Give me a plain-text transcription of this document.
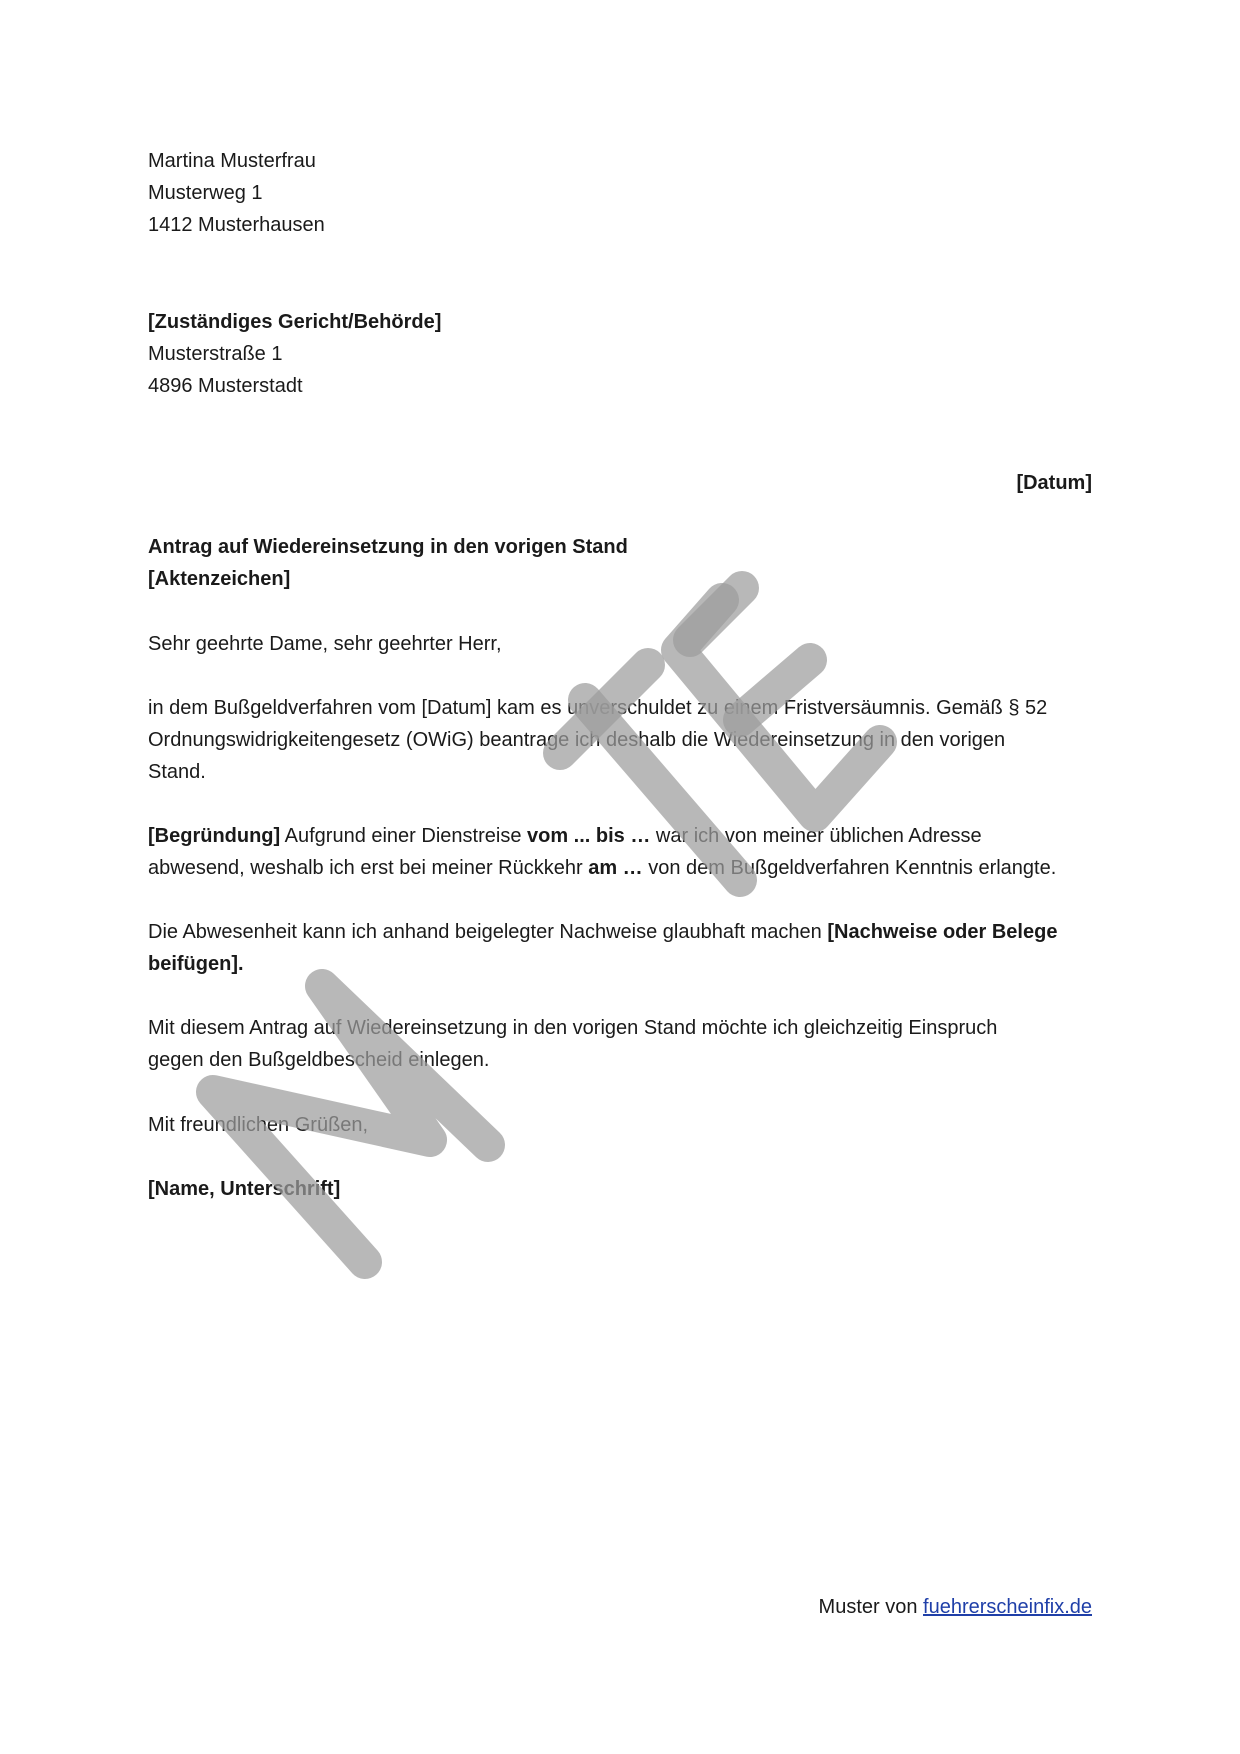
Martina Musterfrau
Musterweg 1
1412 Musterhausen
[Zuständiges Gericht/Behörde]
Musterstraße 1
4896 Musterstadt
[Datum]
Antrag auf Wiedereinsetzung in den vorigen Stand
[Aktenzeichen]
Sehr geehrte Dame, sehr geehrter Herr,
in dem Bußgeldverfahren vom [Datum] kam es unverschuldet zu einem Fristversäumnis. Gemäß § 52
Ordnungswidrigkeitengesetz (OWiG) beantrage ich deshalb die Wiedereinsetzung in den vorigen
Stand.
[Begründung] Aufgrund einer Dienstreise vom ... bis … war ich von meiner üblichen Adresse
abwesend, weshalb ich erst bei meiner Rückkehr am … von dem Bußgeldverfahren Kenntnis erlangte.
Die Abwesenheit kann ich anhand beigelegter Nachweise glaubhaft machen [Nachweise oder Belege
beifügen].
Mit diesem Antrag auf Wiedereinsetzung in den vorigen Stand möchte ich gleichzeitig Einspruch
gegen den Bußgeldbescheid einlegen.
Mit freundlichen Grüßen,
[Name, Unterschrift]
Muster von fuehrerscheinfix.de
